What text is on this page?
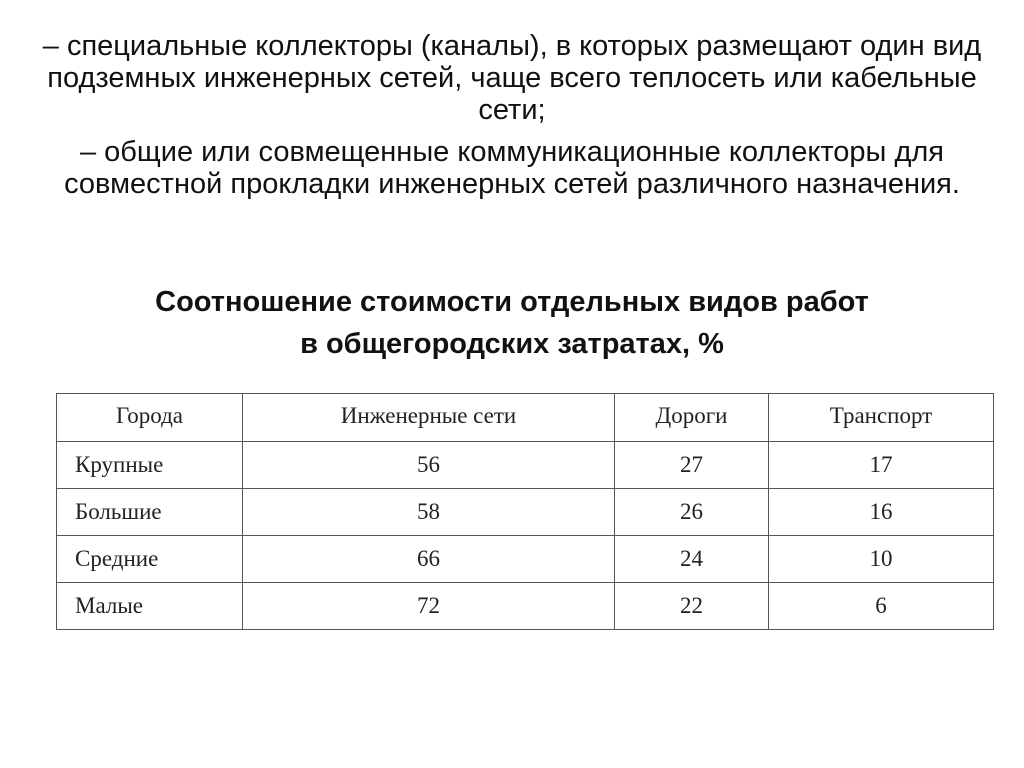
– специальные коллекторы (каналы), в которых размещают один вид подземных инженерных сетей, чаще всего теплосеть или кабельные сети;

– общие или совмещенные коммуникационные коллекторы для совместной прокладки инженерных сетей различного назначения.

Соотношение стоимости отдельных видов работ
в общегородских затратах, %
Города	Инженерные сети	Дороги	Транспорт
Крупные	56	27	17
Большие	58	26	16
Средние	66	24	10
Малые	72	22	6
